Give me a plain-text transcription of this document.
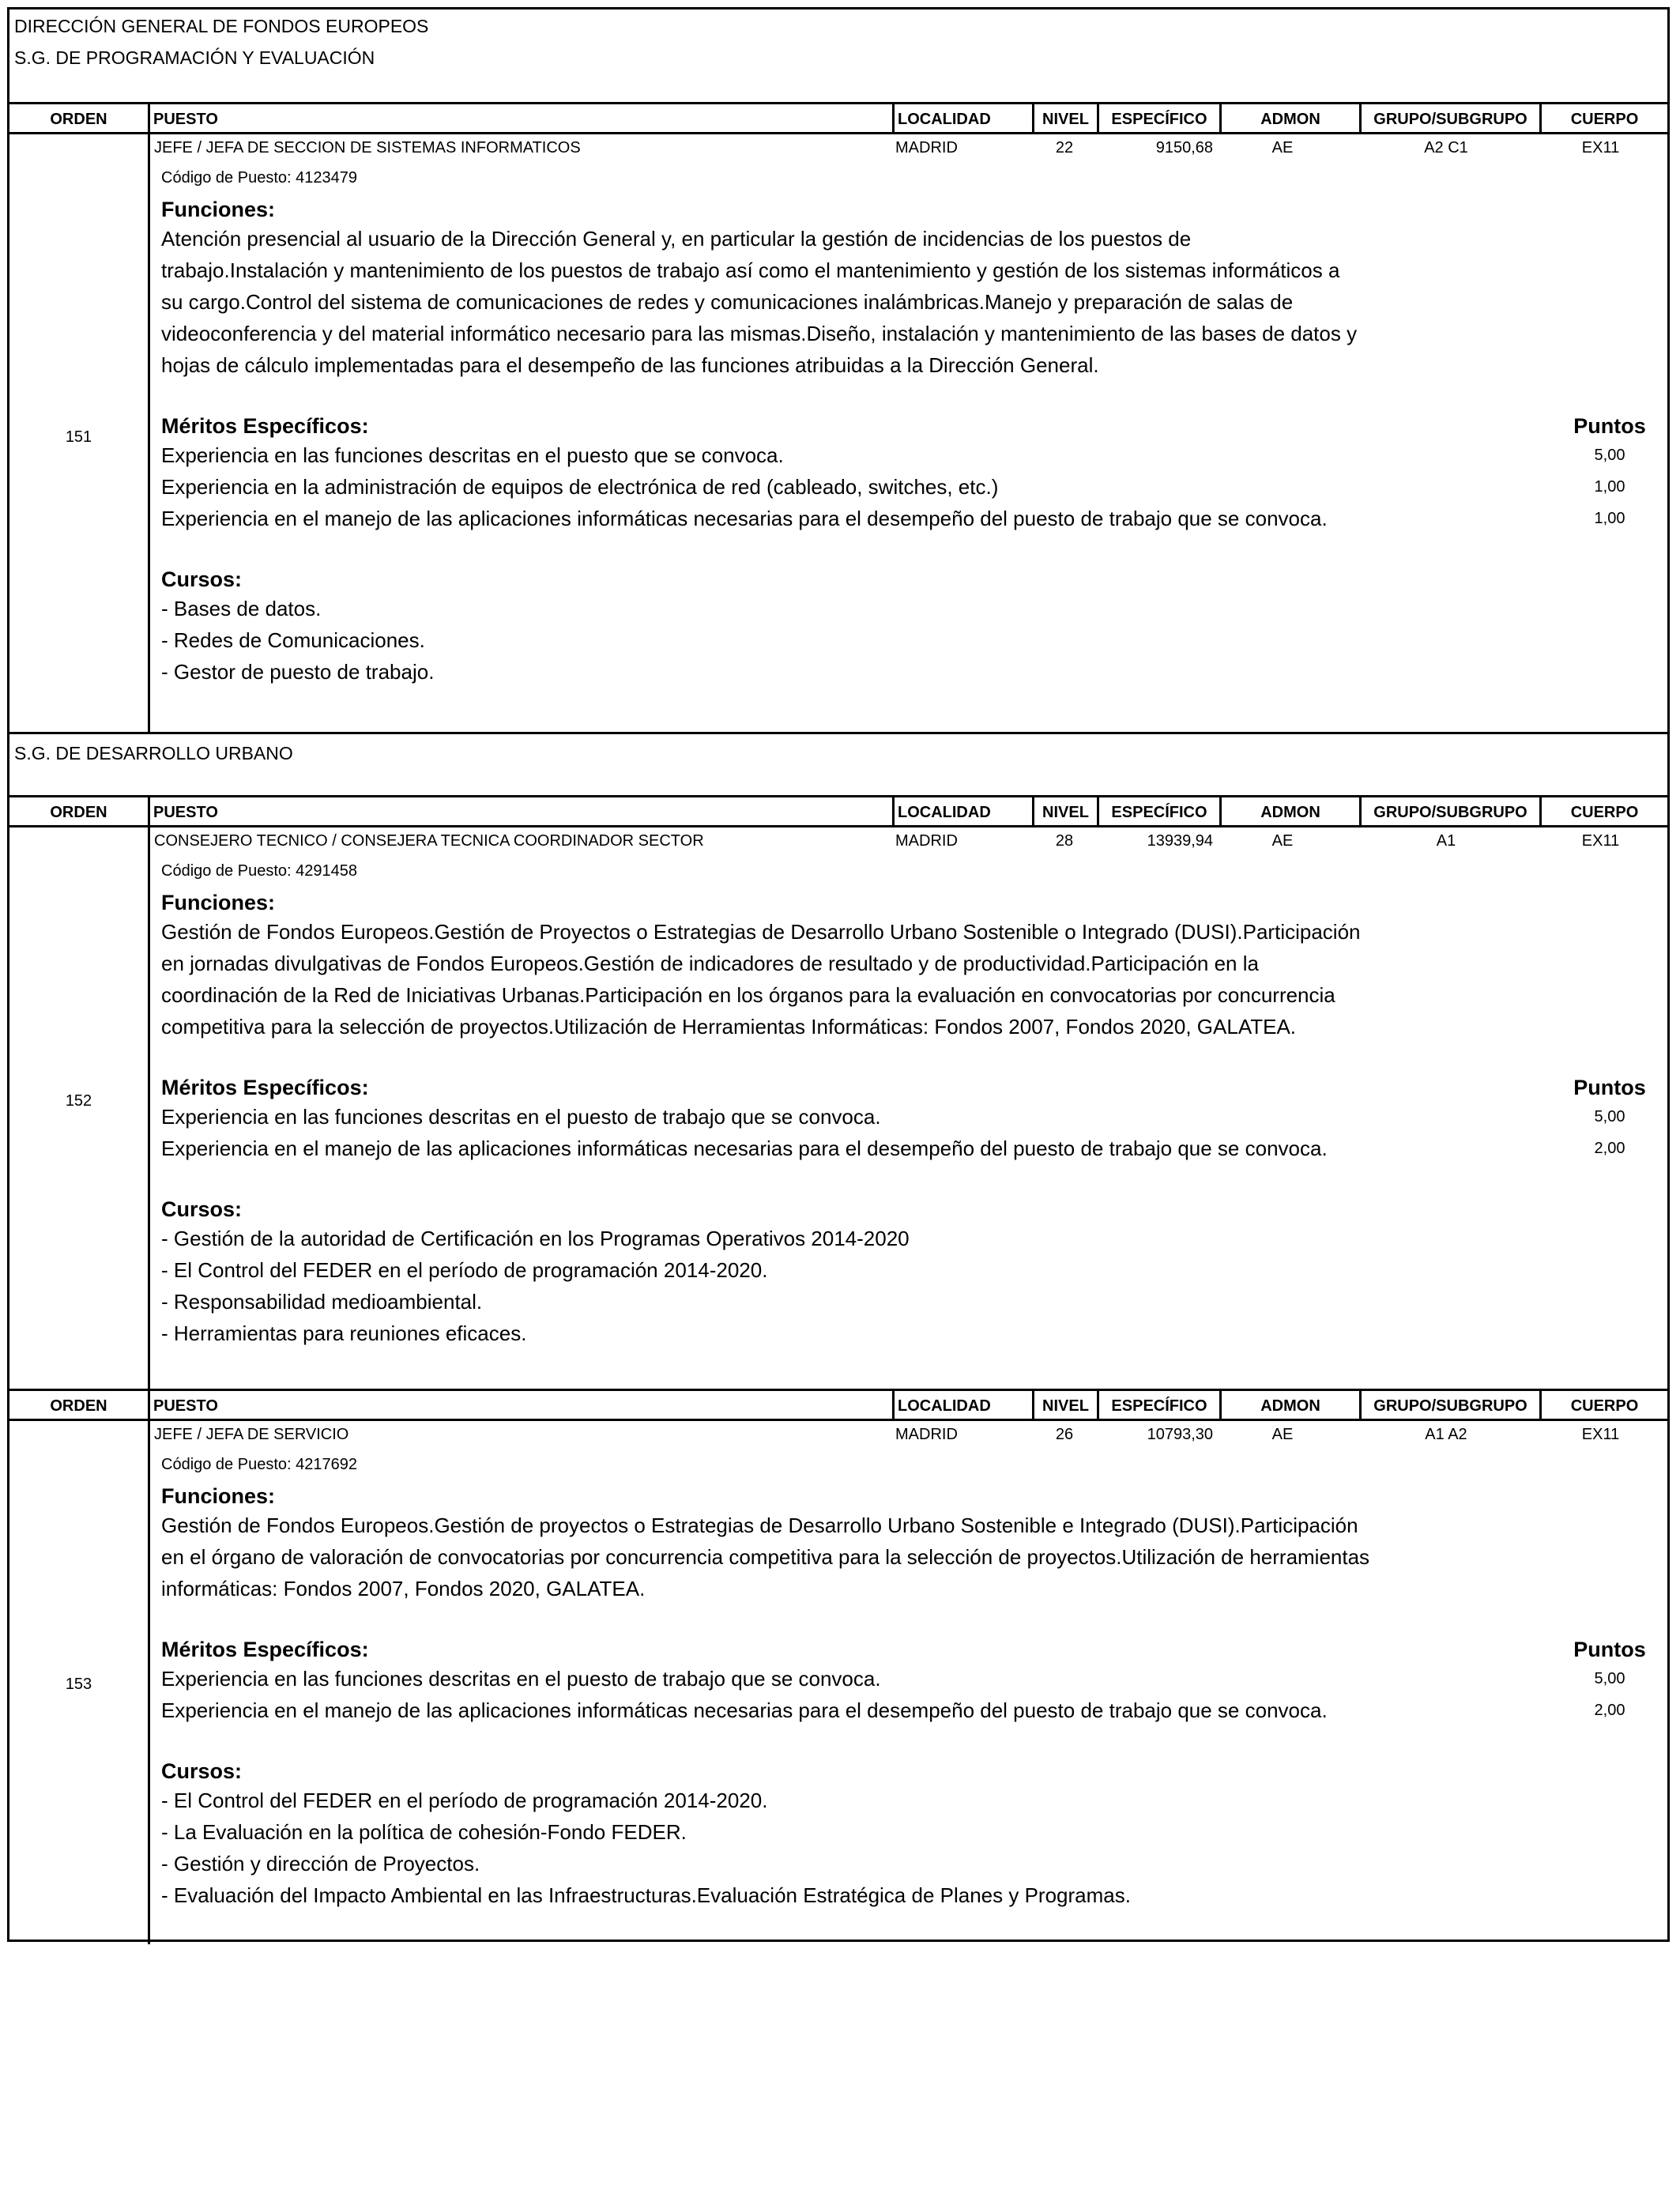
DIRECCIÓN GENERAL DE FONDOS EUROPEOS
S.G. DE PROGRAMACIÓN Y EVALUACIÓN
ORDEN	PUESTO	LOCALIDAD	NIVEL	ESPECÍFICO	ADMON	GRUPO/SUBGRUPO	CUERPO
151
JEFE / JEFA DE SECCION DE SISTEMAS INFORMATICOS	MADRID	22	9150,68	AE	A2 C1	EX11
Código de Puesto: 4123479
Funciones:
Atención presencial al usuario de la Dirección General y, en particular la gestión de incidencias de los puestos de
trabajo.Instalación y mantenimiento de los puestos de trabajo así como el mantenimiento y gestión de los sistemas informáticos a
su cargo.Control del sistema de comunicaciones de redes y comunicaciones inalámbricas.Manejo y preparación de salas de
videoconferencia y del material informático necesario para las mismas.Diseño, instalación y mantenimiento de las bases de datos y
hojas de cálculo implementadas para el desempeño de las funciones atribuidas a la Dirección General.
Méritos Específicos:	Puntos
Experiencia en las funciones descritas en el puesto que se convoca.	5,00
Experiencia en la administración de equipos de electrónica de red (cableado, switches, etc.)	1,00
Experiencia en el manejo de las aplicaciones informáticas necesarias para el desempeño del puesto de trabajo que se convoca.	1,00
Cursos:
- Bases de datos.
- Redes de Comunicaciones.
- Gestor de puesto de trabajo.
S.G. DE DESARROLLO URBANO
ORDEN	PUESTO	LOCALIDAD	NIVEL	ESPECÍFICO	ADMON	GRUPO/SUBGRUPO	CUERPO
152
CONSEJERO TECNICO / CONSEJERA TECNICA COORDINADOR SECTOR	MADRID	28	13939,94	AE	A1	EX11
Código de Puesto: 4291458
Funciones:
Gestión de Fondos Europeos.Gestión de Proyectos o Estrategias de Desarrollo Urbano Sostenible o Integrado (DUSI).Participación
en jornadas divulgativas de Fondos Europeos.Gestión de indicadores de resultado y de productividad.Participación en la
coordinación de la Red de Iniciativas Urbanas.Participación en los órganos para la evaluación en convocatorias por concurrencia
competitiva para la selección de proyectos.Utilización de Herramientas Informáticas: Fondos 2007, Fondos 2020, GALATEA.
Méritos Específicos:	Puntos
Experiencia en las funciones descritas en el puesto de trabajo que se convoca.	5,00
Experiencia en el manejo de las aplicaciones informáticas necesarias para el desempeño del puesto de trabajo que se convoca.	2,00
Cursos:
- Gestión de la autoridad de Certificación en los Programas Operativos 2014-2020
- El Control del FEDER en el período de programación 2014-2020.
- Responsabilidad medioambiental.
- Herramientas para reuniones eficaces.
ORDEN	PUESTO	LOCALIDAD	NIVEL	ESPECÍFICO	ADMON	GRUPO/SUBGRUPO	CUERPO
153
JEFE / JEFA DE SERVICIO	MADRID	26	10793,30	AE	A1 A2	EX11
Código de Puesto: 4217692
Funciones:
Gestión de Fondos Europeos.Gestión de proyectos o Estrategias de Desarrollo Urbano Sostenible e Integrado (DUSI).Participación
en el órgano de valoración de convocatorias por concurrencia competitiva para la selección de proyectos.Utilización de herramientas
informáticas: Fondos 2007, Fondos 2020, GALATEA.
Méritos Específicos:	Puntos
Experiencia en las funciones descritas en el puesto de trabajo que se convoca.	5,00
Experiencia en el manejo de las aplicaciones informáticas necesarias para el desempeño del puesto de trabajo que se convoca.	2,00
Cursos:
- El Control del FEDER en el período de programación 2014-2020.
- La Evaluación en la política de cohesión-Fondo FEDER.
- Gestión y dirección de Proyectos.
- Evaluación del Impacto Ambiental en las Infraestructuras.Evaluación Estratégica de Planes y Programas.
